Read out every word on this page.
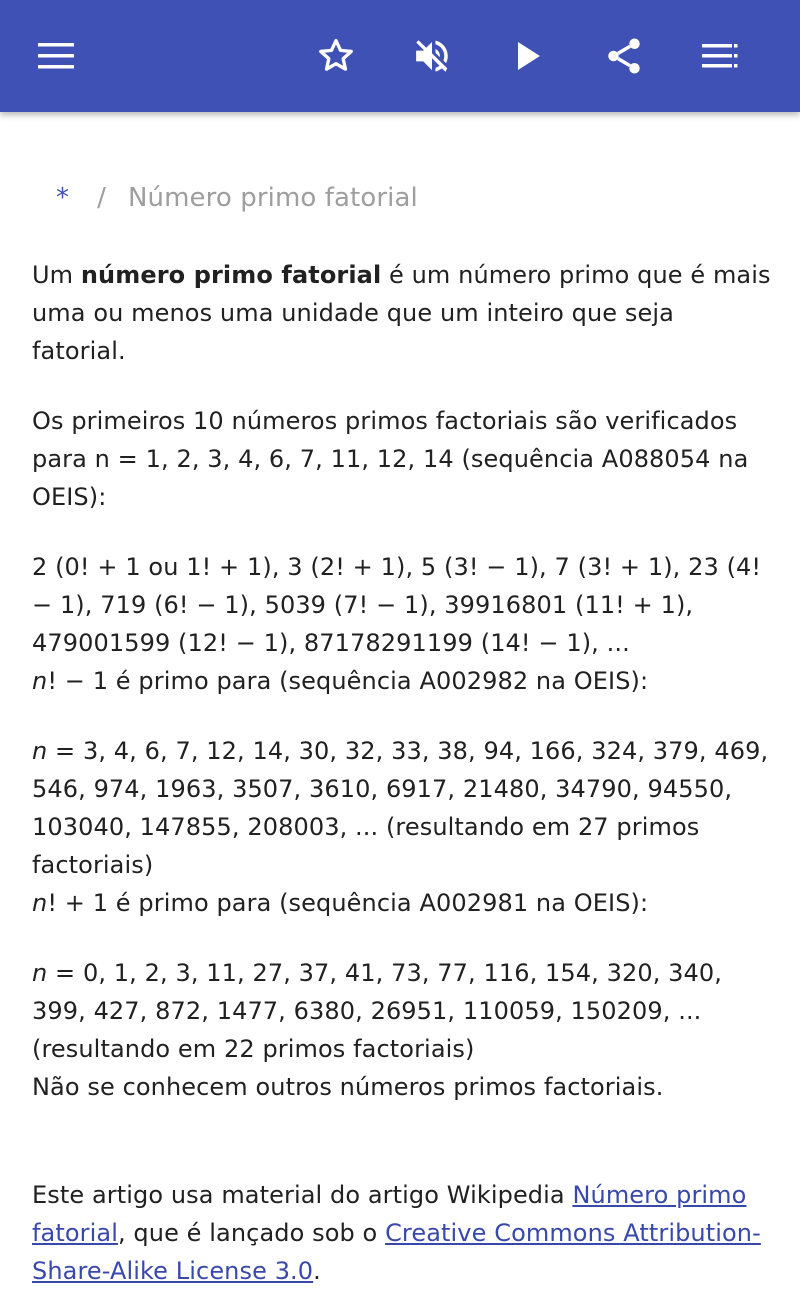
* / Número primo fatorial

Um número primo fatorial é um número primo que é mais uma ou menos uma unidade que um inteiro que seja fatorial.

Os primeiros 10 números primos factoriais são verificados para n = 1, 2, 3, 4, 6, 7, 11, 12, 14 (sequência A088054 na OEIS):

2 (0! + 1 ou 1! + 1), 3 (2! + 1), 5 (3! − 1), 7 (3! + 1), 23 (4! − 1), 719 (6! − 1), 5039 (7! − 1), 39916801 (11! + 1), 479001599 (12! − 1), 87178291199 (14! − 1), ...

n! − 1 é primo para (sequência A002982 na OEIS):

n = 3, 4, 6, 7, 12, 14, 30, 32, 33, 38, 94, 166, 324, 379, 469, 546, 974, 1963, 3507, 3610, 6917, 21480, 34790, 94550, 103040, 147855, 208003, ... (resultando em 27 primos factoriais)

n! + 1 é primo para (sequência A002981 na OEIS):

n = 0, 1, 2, 3, 11, 27, 37, 41, 73, 77, 116, 154, 320, 340, 399, 427, 872, 1477, 6380, 26951, 110059, 150209, ... (resultando em 22 primos factoriais)

Não se conhecem outros números primos factoriais.

Este artigo usa material do artigo Wikipedia Número primo fatorial, que é lançado sob o Creative Commons Attribution-Share-Alike License 3.0.
